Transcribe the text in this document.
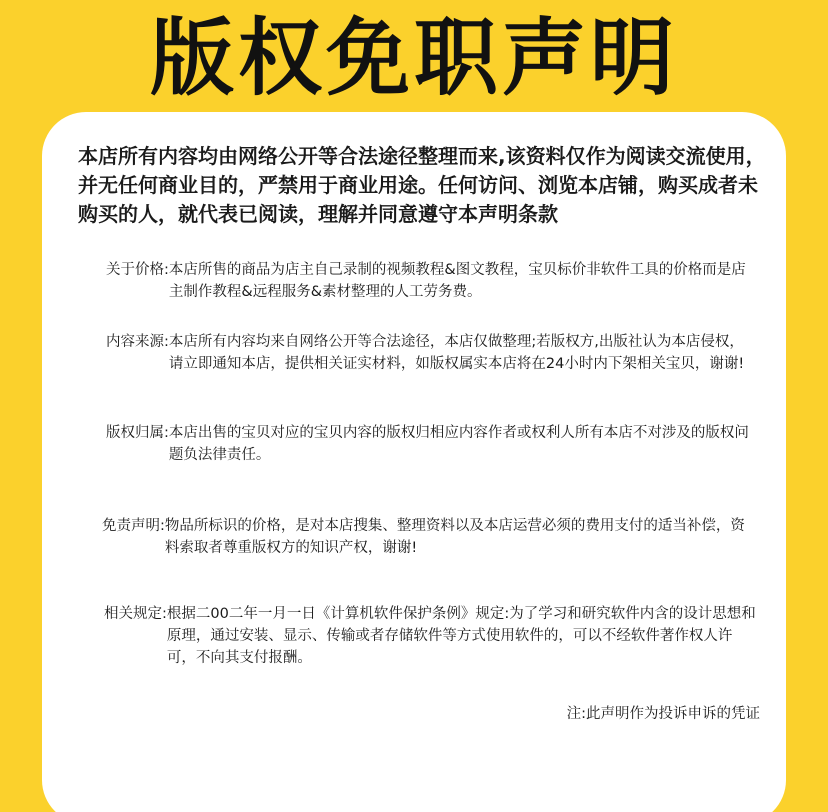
版权免职声明
本店所有内容均由网络公开等合法途径整理而来,该资料仅作为阅读交流使用，并无任何商业目的，严禁用于商业用途。任何访问、浏览本店铺，购买成者未购买的人，就代表已阅读，理解并同意遵守本声明条款
关于价格: 本店所售的商品为店主自己录制的视频教程&图文教程，宝贝标价非软件工具的价格而是店主制作教程&远程服务&素材整理的人工劳务费。
内容来源: 本店所有内容均来自网络公开等合法途径，本店仅做整理;若版权方,出版社认为本店侵权，请立即通知本店，提供相关证实材料，如版权属实本店将在24小时内下架相关宝贝，谢谢!
版权归属: 本店出售的宝贝对应的宝贝内容的版权归相应内容作者或权利人所有本店不对涉及的版权问题负法律责任。
免责声明: 物品所标识的价格，是对本店搜集、整理资料以及本店运营必须的费用支付的适当补偿，资料索取者尊重版权方的知识产权，谢谢!
相关规定: 根据二00二年一月一日《计算机软件保护条例》规定:为了学习和研究软件内含的设计思想和原理，通过安装、显示、传输或者存储软件等方式使用软件的，可以不经软件著作权人许可，不向其支付报酬。
注:此声明作为投诉申诉的凭证
